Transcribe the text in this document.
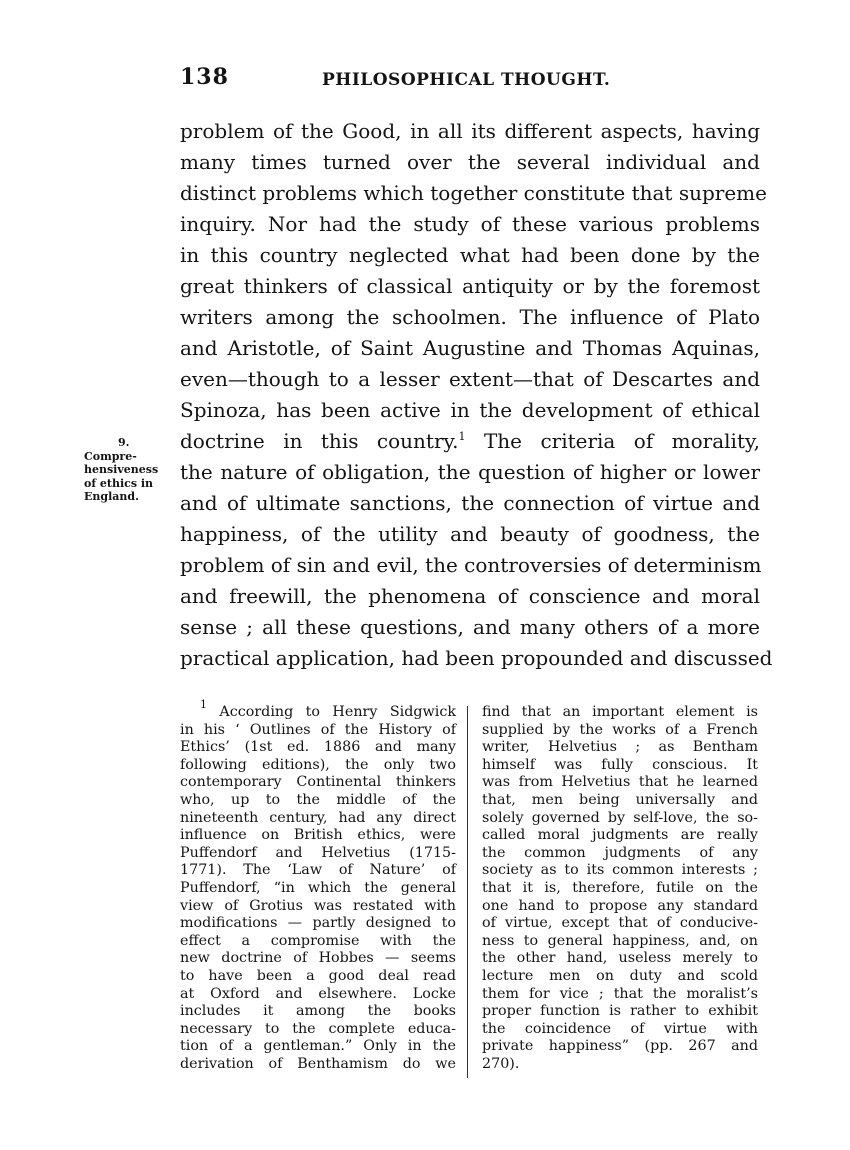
138	PHILOSOPHICAL THOUGHT.
9.
Compre-
hensiveness
of ethics in
England.
problem of the Good, in all its different aspects, having
many times turned over the several individual and
distinct problems which together constitute that supreme
inquiry. Nor had the study of these various problems
in this country neglected what had been done by the
great thinkers of classical antiquity or by the foremost
writers among the schoolmen. The influence of Plato
and Aristotle, of Saint Augustine and Thomas Aquinas,
even—though to a lesser extent—that of Descartes and
Spinoza, has been active in the development of ethical
doctrine in this country.$^1$ The criteria of morality,
the nature of obligation, the question of higher or lower
and of ultimate sanctions, the connection of virtue and
happiness, of the utility and beauty of goodness, the
problem of sin and evil, the controversies of determinism
and freewill, the phenomena of conscience and moral
sense ; all these questions, and many others of a more
practical application, had been propounded and discussed
$^1$ According to Henry Sidgwick
in his ‘ Outlines of the History of
Ethics’ (1st ed. 1886 and many
following editions), the only two
contemporary Continental thinkers
who, up to the middle of the
nineteenth century, had any direct
influence on British ethics, were
Puffendorf and Helvetius (1715-
1771). The ‘Law of Nature’ of
Puffendorf, “in which the general
view of Grotius was restated with
modifications — partly designed to
effect a compromise with the
new doctrine of Hobbes — seems
to have been a good deal read
at Oxford and elsewhere. Locke
includes it among the books
necessary to the complete educa-
tion of a gentleman.” Only in the
derivation of Benthamism do we
find that an important element is
supplied by the works of a French
writer, Helvetius ; as Bentham
himself was fully conscious. It
was from Helvetius that he learned
that, men being universally and
solely governed by self-love, the so-
called moral judgments are really
the common judgments of any
society as to its common interests ;
that it is, therefore, futile on the
one hand to propose any standard
of virtue, except that of conducive-
ness to general happiness, and, on
the other hand, useless merely to
lecture men on duty and scold
them for vice ; that the moralist’s
proper function is rather to exhibit
the coincidence of virtue with
private happiness” (pp. 267 and
270).
